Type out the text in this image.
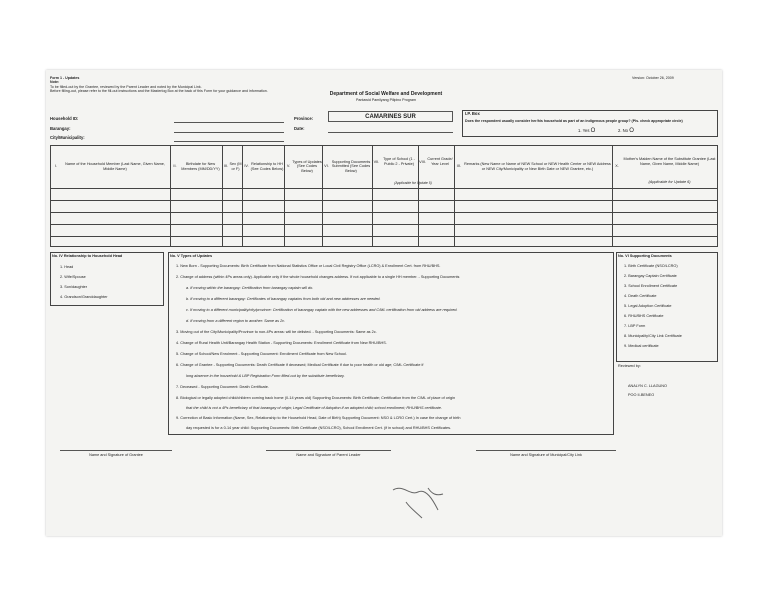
Form 1 - Updates
Note:
To be filled-out by the Grantee, reviewed by the Parent Leader and noted by the Municipal Link.
Before filling-out, please refer to the fill-out instructions and the Masterlog Box at the back of this Form for your guidance and information.
Version: October 26, 2009
Department of Social Welfare and Development
Pantawid Pamilyang Pilipino Program
Household ID:
Barangay:
City/Municipality:
Province:	CAMARINES SUR
Date:
I.P. Box
Does the respondent usually consider her/his household as part of an indigenous people group? (Pls. check appropriate circle)
1. Yes O	2. No O
I.
Name of the Household Member (Last Name, Given Name, Middle Name)
II.
Birthdate for New Members (MM/DD/YY)
III.
Sex (M or F)
IV.
Relationship to HH (See Codes Below)
V.
Types of Updates (See Codes Below)
VI.
Supporting Documents Submitted (See Codes Below)
VII.
Type of School (1 - Public 2 - Private)
(Applicable for Update 5)
VIII.
Current Grade/ Year Level
IX.
Remarks (New Name or Name of NEW School or NEW Health Center or NEW Address or NEW City/Municipality or New Birth Date or NEW Grantee, etc.)
X.
Mother's Maiden Name of the Substitute Grantee (Last Name, Given Name, Middle Name)
(Applicable for Update 6)
No. IV Relationship to Household Head
1. Head
2. Wife/Spouse
3. Son/daughter
4. Grandson/Granddaughter
No. V Types of Updates
1. New Born - Supporting Documents: Birth Certificate from National Statistics Office or Local Civil Registry Office (LCRO) & Enrollment Cert. from RHU/BHS.
2. Change of address (within 4Ps areas only). Applicable only if the whole household changes address. If not applicable to a single HH member. - Supporting Documents
a. If moving within the barangay: Certification from barangay captain will do.
b. If moving to a different barangay: Certificates of barangay captains from both old and new addresses are needed.
c. If moving to a different municipality/city/province: Certification of barangay captain with the new addresses and C/ML certification from old address are required.
d. If moving from a different region to another: Same as 2c.
3. Moving out of the City/Municipality/Province to non-4Ps areas: will be delisted. - Supporting Documents: Same as 2c.
4. Change of Rural Health Unit/Barangay Health Station - Supporting Documents: Enrollment Certificate from New RHU/BHS.
5. Change of School/New Enrolment - Supporting Document: Enrollment Certificate from New School.
6. Change of Grantee - Supporting Documents: Death Certificate if deceased; Medical Certificate if due to poor health or old age; C/ML Certificate if
long absence in the household & LBP Registration Form filled-out by the substitute beneficiary.
7. Deceased - Supporting Document: Death Certificate.
8. Biological or legally adopted child/children coming back home (0-14 years old) Supporting Documents: Birth Certificate; Certification from the C/ML of place of origin
that the child is not a 4Ps beneficiary of that barangay of origin; Legal Certificate of Adoption if an adopted child; school enrollment; RHU/BHS certificate.
9. Correction of Basic Information (Name, Sex, Relationship to the Household Head, Date of Birth) Supporting Document: NSO & LCRO Cert.) In case the change of birth
day requested is for a 0-14 year child: Supporting Documents: Birth Certificate (NSO/LCRO), School Enrollment Cert. (if in school) and RHU/BHS Certificates.
No. VI Supporting Documents
1. Birth Certificate (NSO/LCRO)
2. Barangay Captain Certificate
3. School Enrollment Certificate
4. Death Certificate
5. Legal Adoption Certificate
6. RHU/BHS Certificate
7. LBP Form
8. Municipality/City Link Certificate
9. Medical certificate
Reviewed by:
ANALYN C. LLAGUNO
POO II-BENEO
Name and Signature of Grantee	Name and Signature of Parent Leader	Name and Signature of Municipal/City Link
